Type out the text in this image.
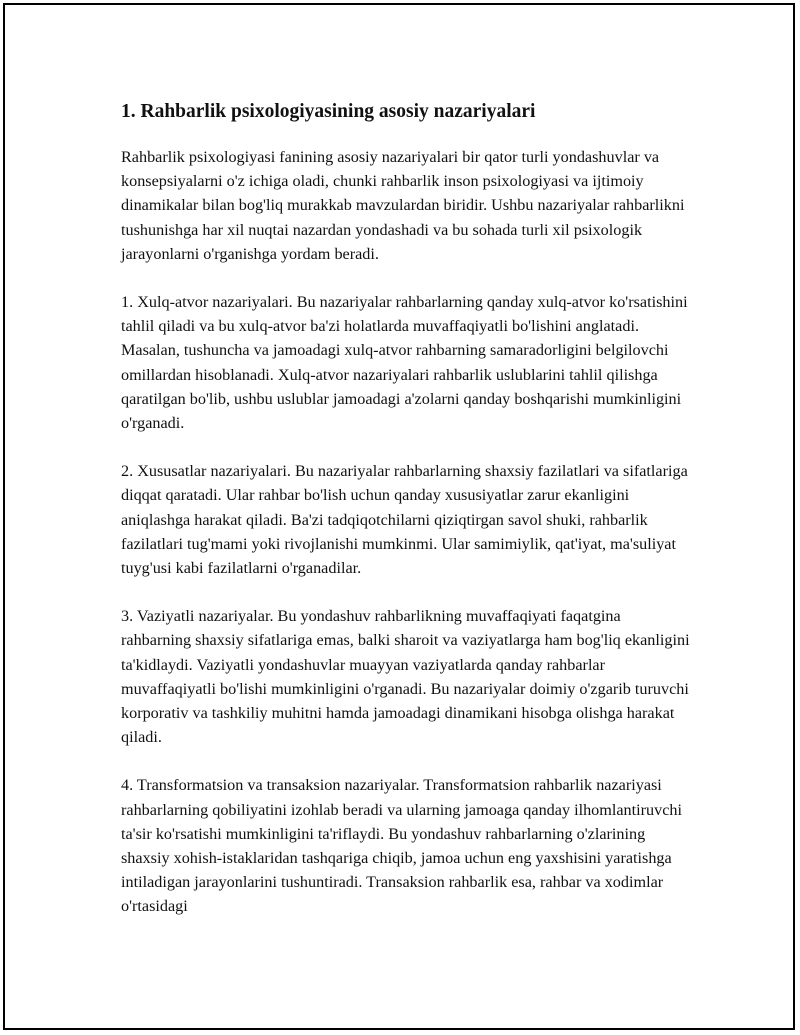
1. Rahbarlik psixologiyasining asosiy nazariyalari

Rahbarlik psixologiyasi fanining asosiy nazariyalari bir qator turli yondashuvlar va konsepsiyalarni o'z ichiga oladi, chunki rahbarlik inson psixologiyasi va ijtimoiy dinamikalar bilan bog'liq murakkab mavzulardan biridir. Ushbu nazariyalar rahbarlikni tushunishga har xil nuqtai nazardan yondashadi va bu sohada turli xil psixologik jarayonlarni o'rganishga yordam beradi.

1. Xulq-atvor nazariyalari. Bu nazariyalar rahbarlarning qanday xulq-atvor ko'rsatishini tahlil qiladi va bu xulq-atvor ba'zi holatlarda muvaffaqiyatli bo'lishini anglatadi. Masalan, tushuncha va jamoadagi xulq-atvor rahbarning samaradorligini belgilovchi omillardan hisoblanadi. Xulq-atvor nazariyalari rahbarlik uslublarini tahlil qilishga qaratilgan bo'lib, ushbu uslublar jamoadagi a'zolarni qanday boshqarishi mumkinligini o'rganadi.

2. Xususatlar nazariyalari. Bu nazariyalar rahbarlarning shaxsiy fazilatlari va sifatlariga diqqat qaratadi. Ular rahbar bo'lish uchun qanday xususiyatlar zarur ekanligini aniqlashga harakat qiladi. Ba'zi tadqiqotchilarni qiziqtirgan savol shuki, rahbarlik fazilatlari tug'mami yoki rivojlanishi mumkinmi. Ular samimiylik, qat'iyat, ma'suliyat tuyg'usi kabi fazilatlarni o'rganadilar.

3. Vaziyatli nazariyalar. Bu yondashuv rahbarlikning muvaffaqiyati faqatgina rahbarning shaxsiy sifatlariga emas, balki sharoit va vaziyatlarga ham bog'liq ekanligini ta'kidlaydi. Vaziyatli yondashuvlar muayyan vaziyatlarda qanday rahbarlar muvaffaqiyatli bo'lishi mumkinligini o'rganadi. Bu nazariyalar doimiy o'zgarib turuvchi korporativ va tashkiliy muhitni hamda jamoadagi dinamikani hisobga olishga harakat qiladi.

4. Transformatsion va transaksion nazariyalar. Transformatsion rahbarlik nazariyasi rahbarlarning qobiliyatini izohlab beradi va ularning jamoaga qanday ilhomlantiruvchi ta'sir ko'rsatishi mumkinligini ta'riflaydi. Bu yondashuv rahbarlarning o'zlarining shaxsiy xohish-istaklaridan tashqariga chiqib, jamoa uchun eng yaxshisini yaratishga intiladigan jarayonlarini tushuntiradi. Transaksion rahbarlik esa, rahbar va xodimlar o'rtasidagi
